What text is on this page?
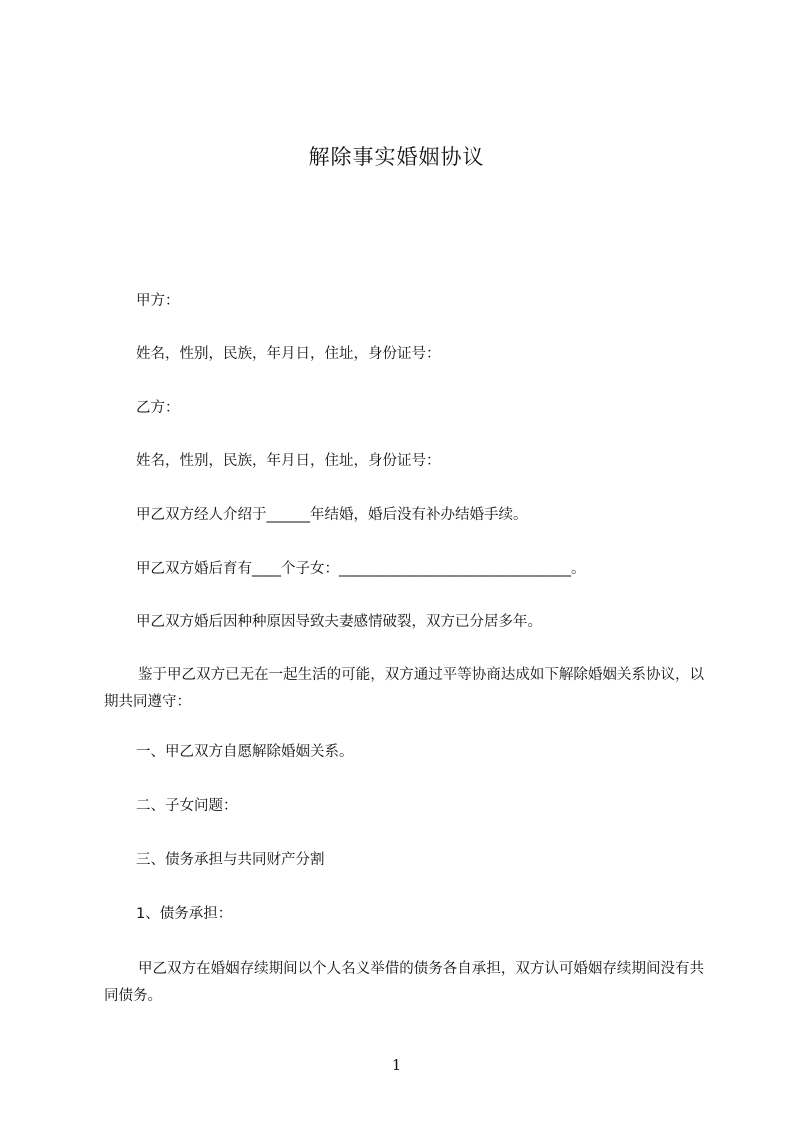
解除事实婚姻协议
甲方：
姓名，性别，民族，年月日，住址，身份证号：
乙方：
姓名，性别，民族，年月日，住址，身份证号：
甲乙双方经人介绍于______年结婚，婚后没有补办结婚手续。
甲乙双方婚后育有____个子女：________________________________。
甲乙双方婚后因种种原因导致夫妻感情破裂，双方已分居多年。
鉴于甲乙双方已无在一起生活的可能，双方通过平等协商达成如下解除婚姻关系协议，以期共同遵守：
一、甲乙双方自愿解除婚姻关系。
二、子女问题：
三、债务承担与共同财产分割
1、债务承担：
甲乙双方在婚姻存续期间以个人名义举借的债务各自承担，双方认可婚姻存续期间没有共同债务。
1
